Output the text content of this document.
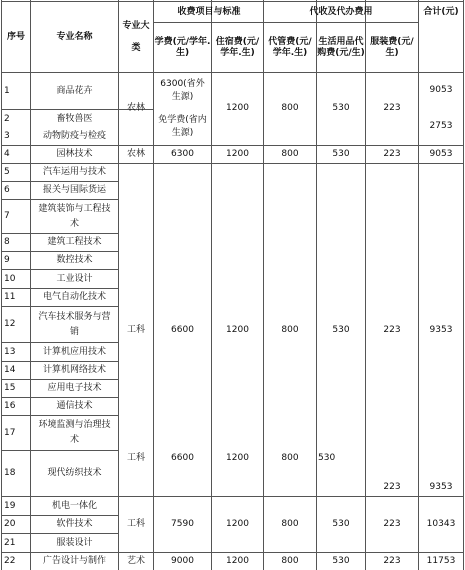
序号	专业名称
专业大类
收费项目与标准
学费(元/学年.生)
住宿费(元/学年.生)
代收及代办费用
代管费(元/学年.生)
生活用品代购费(元/生)
服装费(元/生)
合计(元)
1
2
3
4
5
6
7
8
9
10
11
12
13
14
15
16
17
18
19
20
21
22
商品花卉
畜牧兽医
动物防疫与检疫
园林技术
汽车运用与技术
报关与国际货运
建筑装饰与工程技术
建筑工程技术
数控技术
工业设计
电气自动化技术
汽车技术服务与营销
计算机应用技术
计算机网络技术
应用电子技术
通信技术
环境监测与治理技术
现代纺织技术
机电一体化
软件技术
服装设计
广告设计与制作
农林
农林
工科
工科
工科
艺术
6300(省外生源)
免学费(省内生源)
6300
6600
6600
7590
9000
1200
1200
1200
1200
1200
1200
800
800
800
800
800
800
530
530
530
530
530
530
223
223
223
223
223
223
9053
2753
9053
9353
9353
10343
11753
